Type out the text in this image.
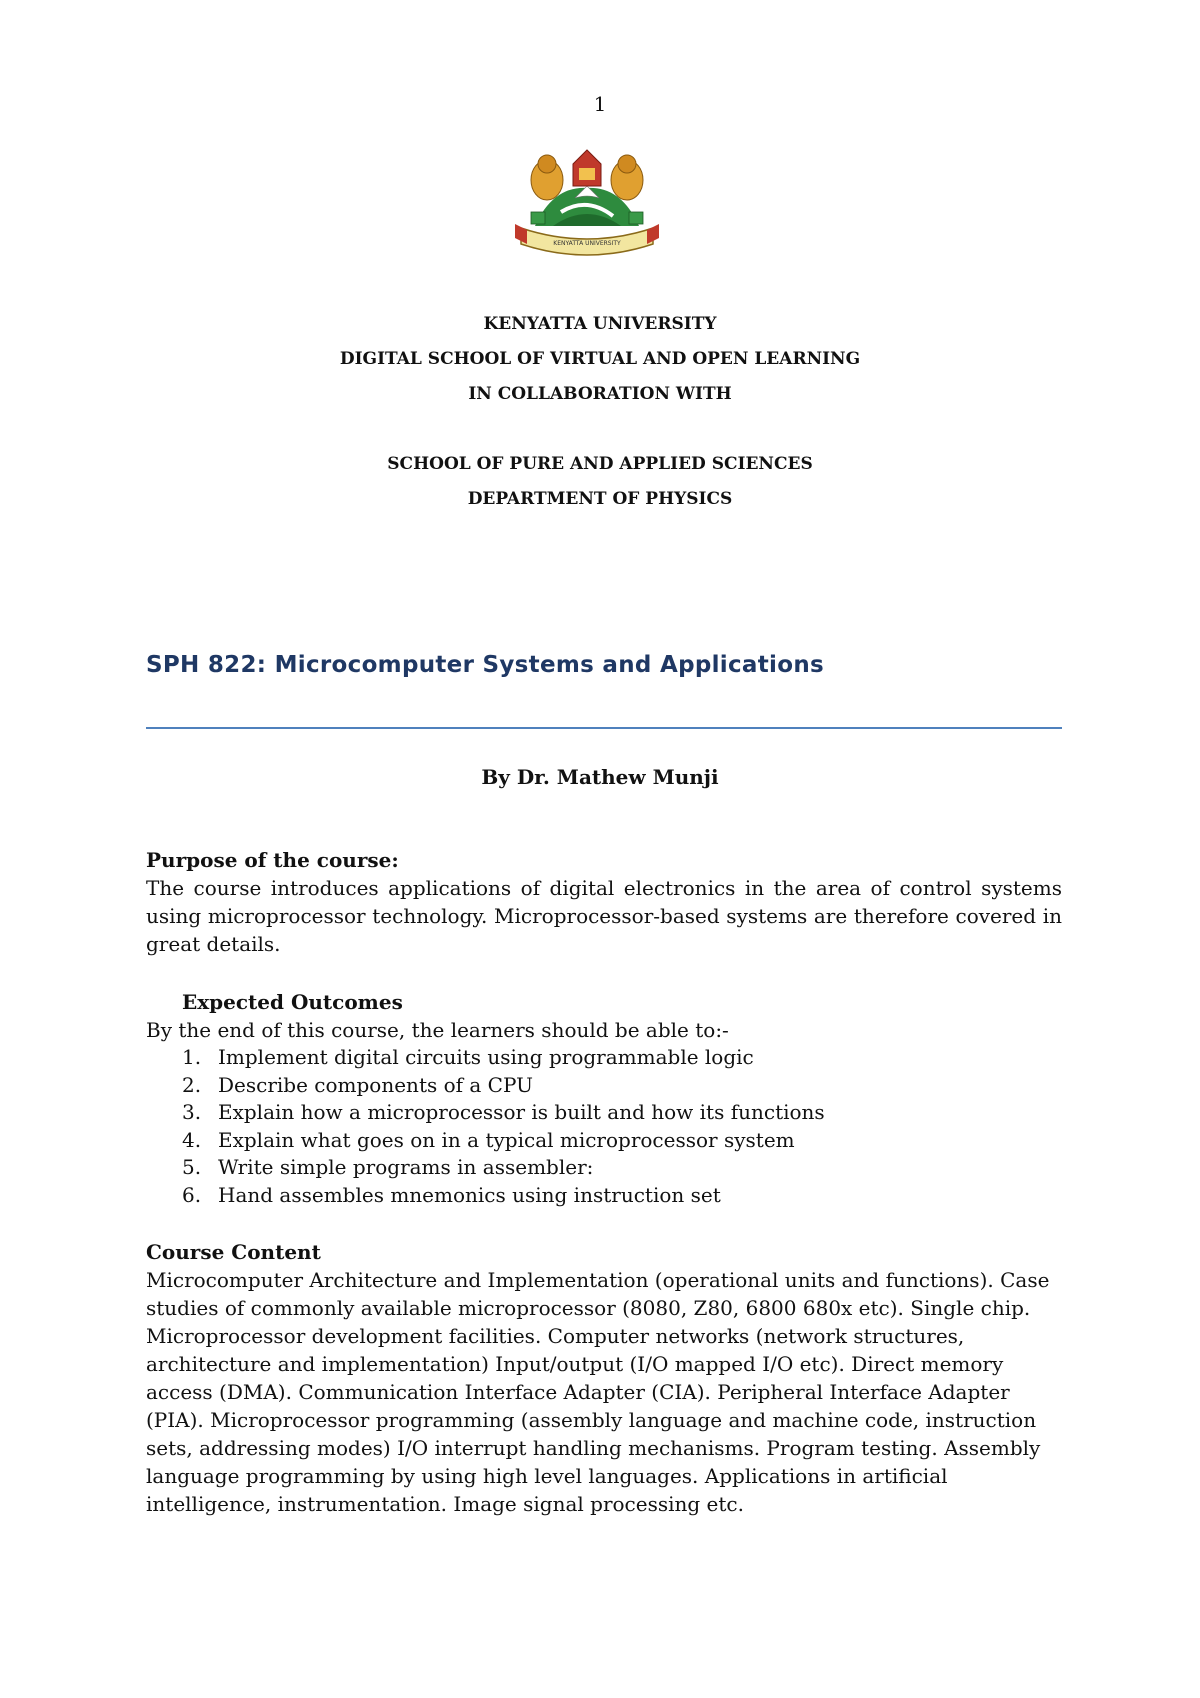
1
KENYATTA UNIVERSITY
KENYATTA UNIVERSITY
DIGITAL SCHOOL OF VIRTUAL AND OPEN LEARNING
IN COLLABORATION WITH
SCHOOL OF PURE AND APPLIED SCIENCES
DEPARTMENT OF PHYSICS
SPH 822: Microcomputer Systems and Applications
By Dr. Mathew Munji
Purpose of the course:
The course introduces applications of digital electronics in the area of control systems using microprocessor technology. Microprocessor-based systems are therefore covered in great details.
Expected Outcomes
By the end of this course, the learners should be able to:-
1. Implement digital circuits using programmable logic
2. Describe components of a CPU
3. Explain how a microprocessor is built and how its functions
4. Explain what goes on in a typical microprocessor system
5. Write simple programs in assembler:
6. Hand assembles mnemonics using instruction set
Course Content
Microcomputer Architecture and Implementation (operational units and functions). Case studies of commonly available microprocessor (8080, Z80, 6800 680x etc). Single chip. Microprocessor development facilities. Computer networks (network structures, architecture and implementation) Input/output (I/O mapped I/O etc). Direct memory access (DMA). Communication Interface Adapter (CIA). Peripheral Interface Adapter (PIA). Microprocessor programming (assembly language and machine code, instruction sets, addressing modes) I/O interrupt handling mechanisms. Program testing. Assembly language programming by using high level languages. Applications in artificial intelligence, instrumentation. Image signal processing etc.
